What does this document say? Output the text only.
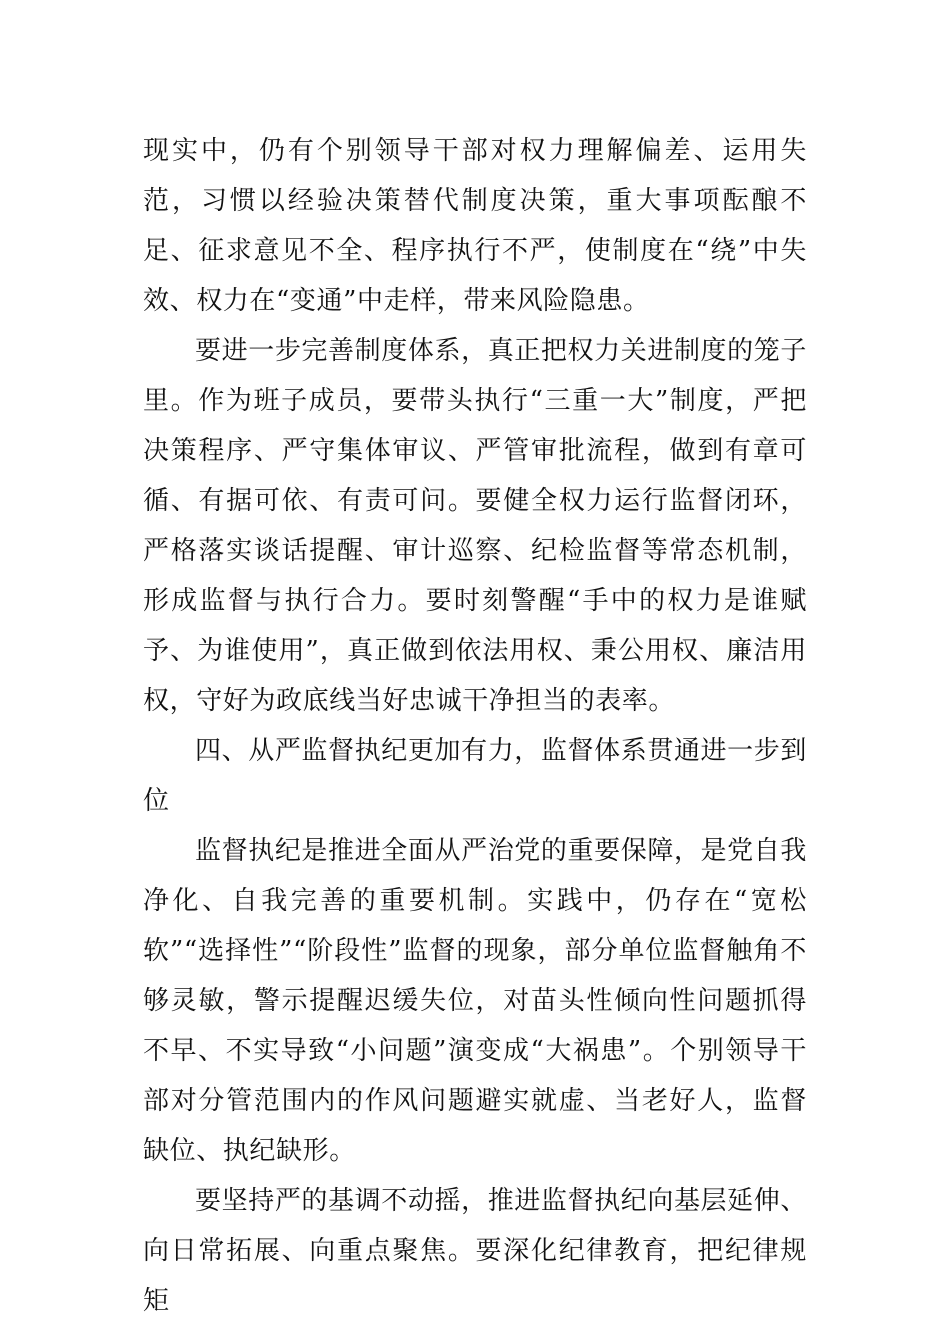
现实中，仍有个别领导干部对权力理解偏差、运用失范，习惯以经验决策替代制度决策，重大事项酝酿不足、征求意见不全、程序执行不严，使制度在“绕”中失效、权力在“变通”中走样，带来风险隐患。

要进一步完善制度体系，真正把权力关进制度的笼子里。作为班子成员，要带头执行“三重一大”制度，严把决策程序、严守集体审议、严管审批流程，做到有章可循、有据可依、有责可问。要健全权力运行监督闭环，严格落实谈话提醒、审计巡察、纪检监督等常态机制，形成监督与执行合力。要时刻警醒“手中的权力是谁赋予、为谁使用”，真正做到依法用权、秉公用权、廉洁用权，守好为政底线当好忠诚干净担当的表率。

四、从严监督执纪更加有力，监督体系贯通进一步到位

监督执纪是推进全面从严治党的重要保障，是党自我净化、自我完善的重要机制。实践中，仍存在“宽松软”“选择性”“阶段性”监督的现象，部分单位监督触角不够灵敏，警示提醒迟缓失位，对苗头性倾向性问题抓得不早、不实导致“小问题”演变成“大祸患”。个别领导干部对分管范围内的作风问题避实就虚、当老好人，监督缺位、执纪缺形。

要坚持严的基调不动摇，推进监督执纪向基层延伸、向日常拓展、向重点聚焦。要深化纪律教育，把纪律规矩
